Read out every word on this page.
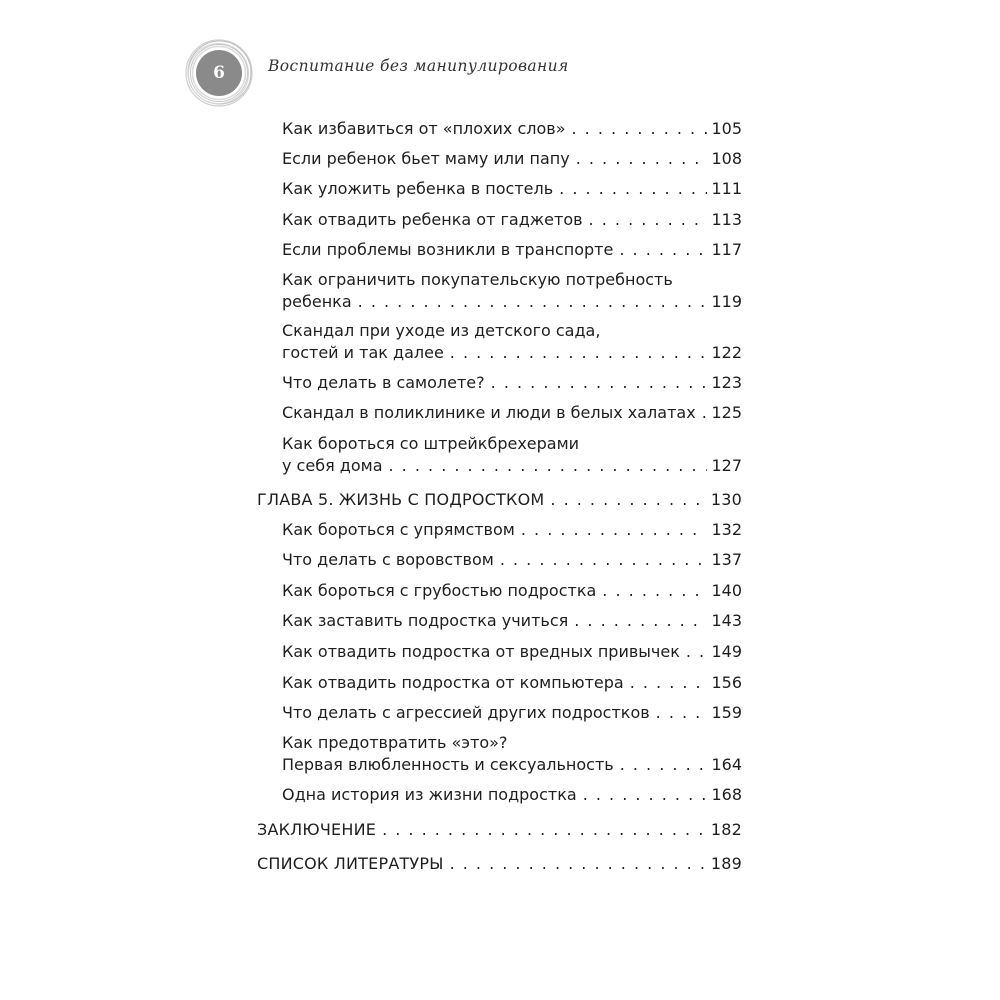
6	Воспитание без манипулирования
Как избавиться от «плохих слов» . . .	105
Если ребенок бьет маму или папу . . .	108
Как уложить ребенка в постель . . .	111
Как отвадить ребенка от гаджетов . . .	113
Если проблемы возникли в транспорте . . .	117
Как ограничить покупательскую потребность
ребенка . . .	119
Скандал при уходе из детского сада,
гостей и так далее . . .	122
Что делать в самолете? . . .	123
Скандал в поликлинике и люди в белых халатах . . . 125
Как бороться со штрейкбрехерами
у себя дома . . .	127
ГЛАВА 5. ЖИЗНЬ С ПОДРОСТКОМ . . .	130
Как бороться с упрямством . . .	132
Что делать с воровством . . .	137
Как бороться с грубостью подростка . . .	140
Как заставить подростка учиться . . .	143
Как отвадить подростка от вредных привычек . . . 149
Как отвадить подростка от компьютера . . .	156
Что делать с агрессией других подростков . . .	159
Как предотвратить «это»?
Первая влюбленность и сексуальность . . .	164
Одна история из жизни подростка . . .	168
ЗАКЛЮЧЕНИЕ . . .	182
СПИСОК ЛИТЕРАТУРЫ . . .	189
